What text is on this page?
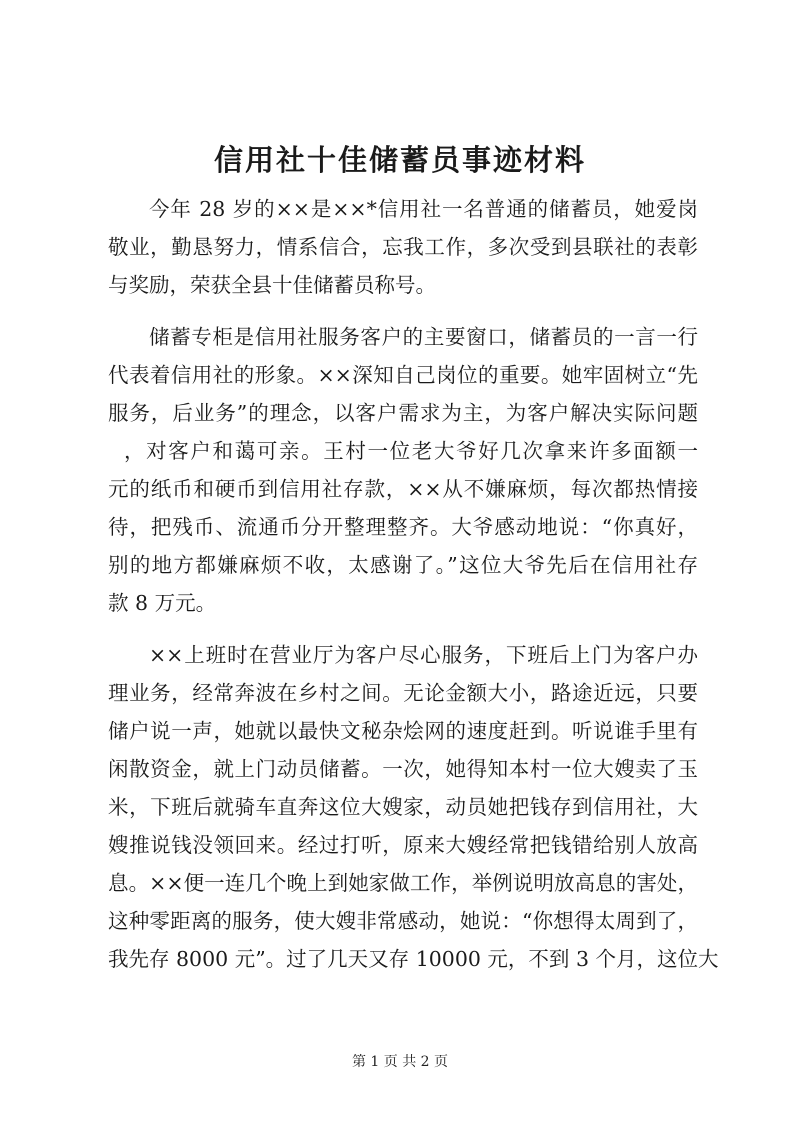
信用社十佳储蓄员事迹材料
今年 28 岁的××是××*信用社一名普通的储蓄员，她爱岗
敬业，勤恳努力，情系信合，忘我工作，多次受到县联社的表彰
与奖励，荣获全县十佳储蓄员称号。
储蓄专柜是信用社服务客户的主要窗口，储蓄员的一言一行
代表着信用社的形象。××深知自己岗位的重要。她牢固树立“先
服务，后业务”的理念，以客户需求为主，为客户解决实际问题
，对客户和蔼可亲。王村一位老大爷好几次拿来许多面额一
元的纸币和硬币到信用社存款，××从不嫌麻烦，每次都热情接
待，把残币、流通币分开整理整齐。大爷感动地说：“你真好，
别的地方都嫌麻烦不收，太感谢了。”这位大爷先后在信用社存
款 8 万元。
××上班时在营业厅为客户尽心服务，下班后上门为客户办
理业务，经常奔波在乡村之间。无论金额大小，路途近远，只要
储户说一声，她就以最快文秘杂烩网的速度赶到。听说谁手里有
闲散资金，就上门动员储蓄。一次，她得知本村一位大嫂卖了玉
米，下班后就骑车直奔这位大嫂家，动员她把钱存到信用社，大
嫂推说钱没领回来。经过打听，原来大嫂经常把钱错给别人放高
息。××便一连几个晚上到她家做工作，举例说明放高息的害处，
这种零距离的服务，使大嫂非常感动，她说：“你想得太周到了，
我先存 8000 元”。过了几天又存 10000 元，不到 3 个月，这位大
第 1 页 共 2 页
